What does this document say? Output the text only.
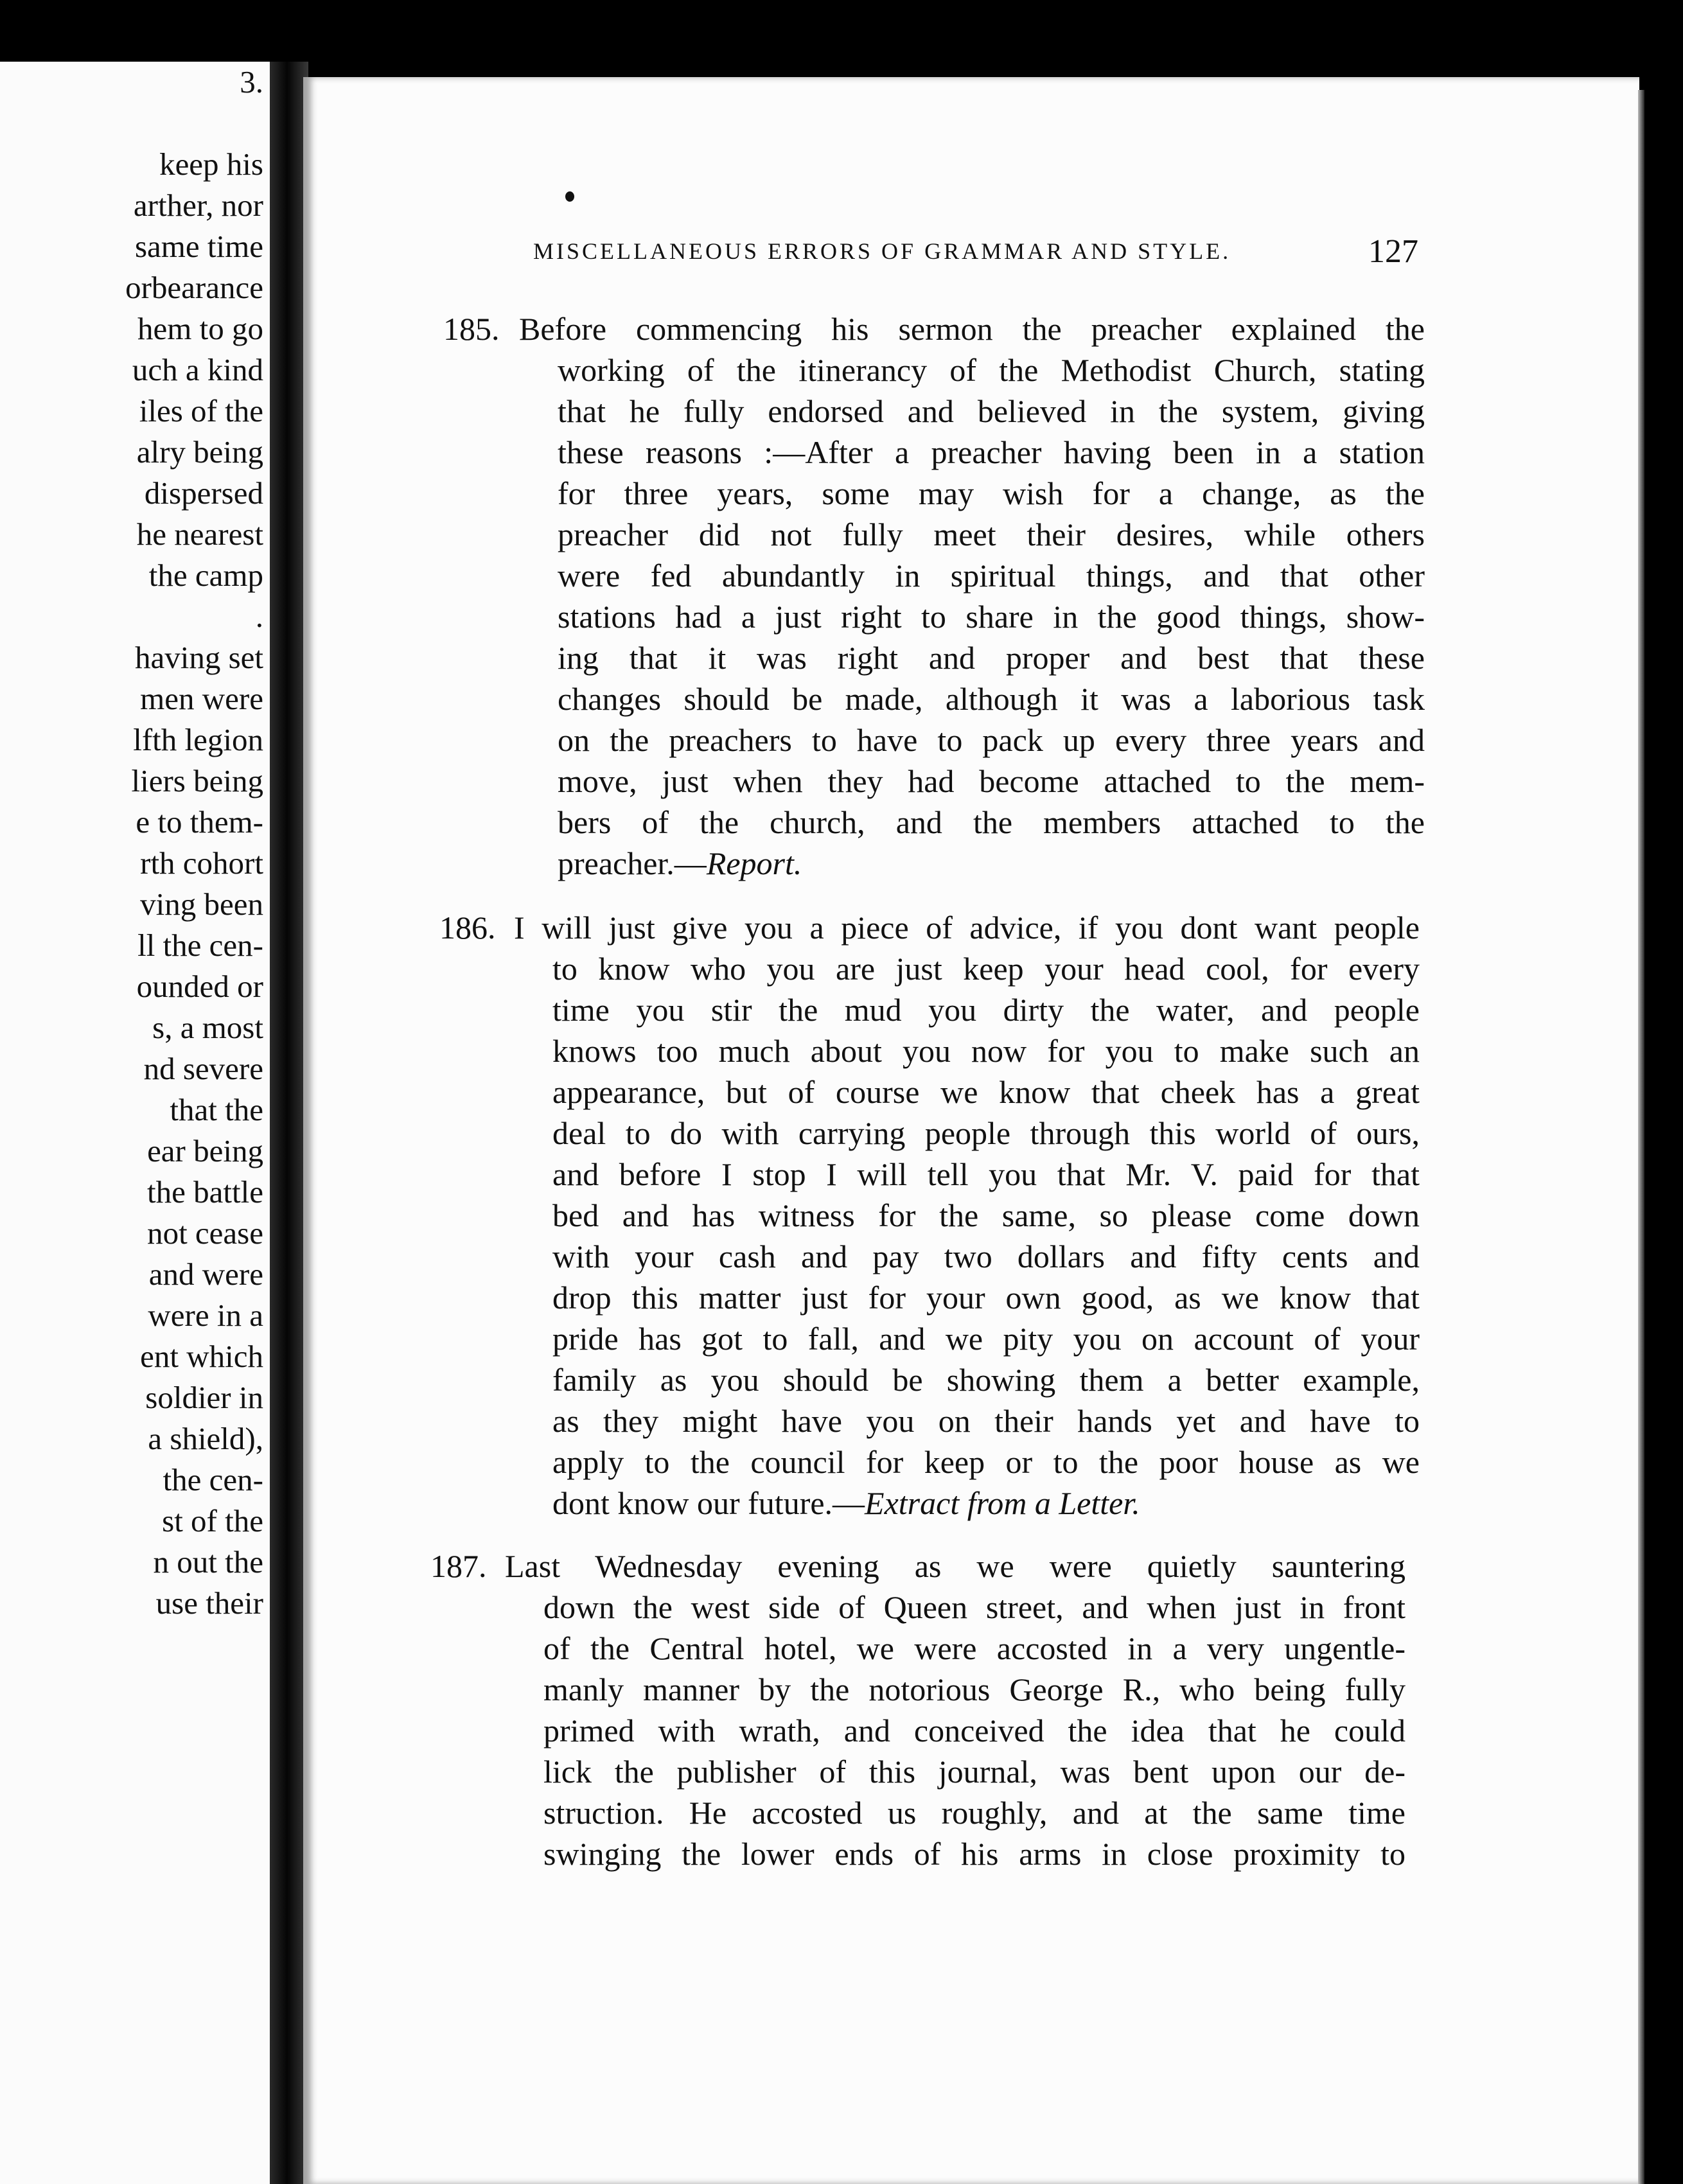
3.
keep his
arther, nor
same time
orbearance
hem to go
uch a kind
iles of the
alry being
dispersed
he nearest
the camp
.
having set
men were
lfth legion
liers being
e to them-
rth cohort
ving been
ll the cen-
ounded or
s, a most
nd severe
that the
ear being
the battle
not cease
and were
were in a
ent which
soldier in
a shield),
the cen-
st of the
n out the
use their
MISCELLANEOUS ERRORS OF GRAMMAR AND STYLE.	127
185. Before commencing his sermon the preacher explained the
working of the itinerancy of the Methodist Church, stating
that he fully endorsed and believed in the system, giving
these reasons :—After a preacher having been in a station
for three years, some may wish for a change, as the
preacher did not fully meet their desires, while others
were fed abundantly in spiritual things, and that other
stations had a just right to share in the good things, show-
ing that it was right and proper and best that these
changes should be made, although it was a laborious task
on the preachers to have to pack up every three years and
move, just when they had become attached to the mem-
bers of the church, and the members attached to the
preacher.—Report.
186. I will just give you a piece of advice, if you dont want people
to know who you are just keep your head cool, for every
time you stir the mud you dirty the water, and people
knows too much about you now for you to make such an
appearance, but of course we know that cheek has a great
deal to do with carrying people through this world of ours,
and before I stop I will tell you that Mr. V. paid for that
bed and has witness for the same, so please come down
with your cash and pay two dollars and fifty cents and
drop this matter just for your own good, as we know that
pride has got to fall, and we pity you on account of your
family as you should be showing them a better example,
as they might have you on their hands yet and have to
apply to the council for keep or to the poor house as we
dont know our future.—Extract from a Letter.
187. Last Wednesday evening as we were quietly sauntering
down the west side of Queen street, and when just in front
of the Central hotel, we were accosted in a very ungentle-
manly manner by the notorious George R., who being fully
primed with wrath, and conceived the idea that he could
lick the publisher of this journal, was bent upon our de-
struction. He accosted us roughly, and at the same time
swinging the lower ends of his arms in close proximity to
